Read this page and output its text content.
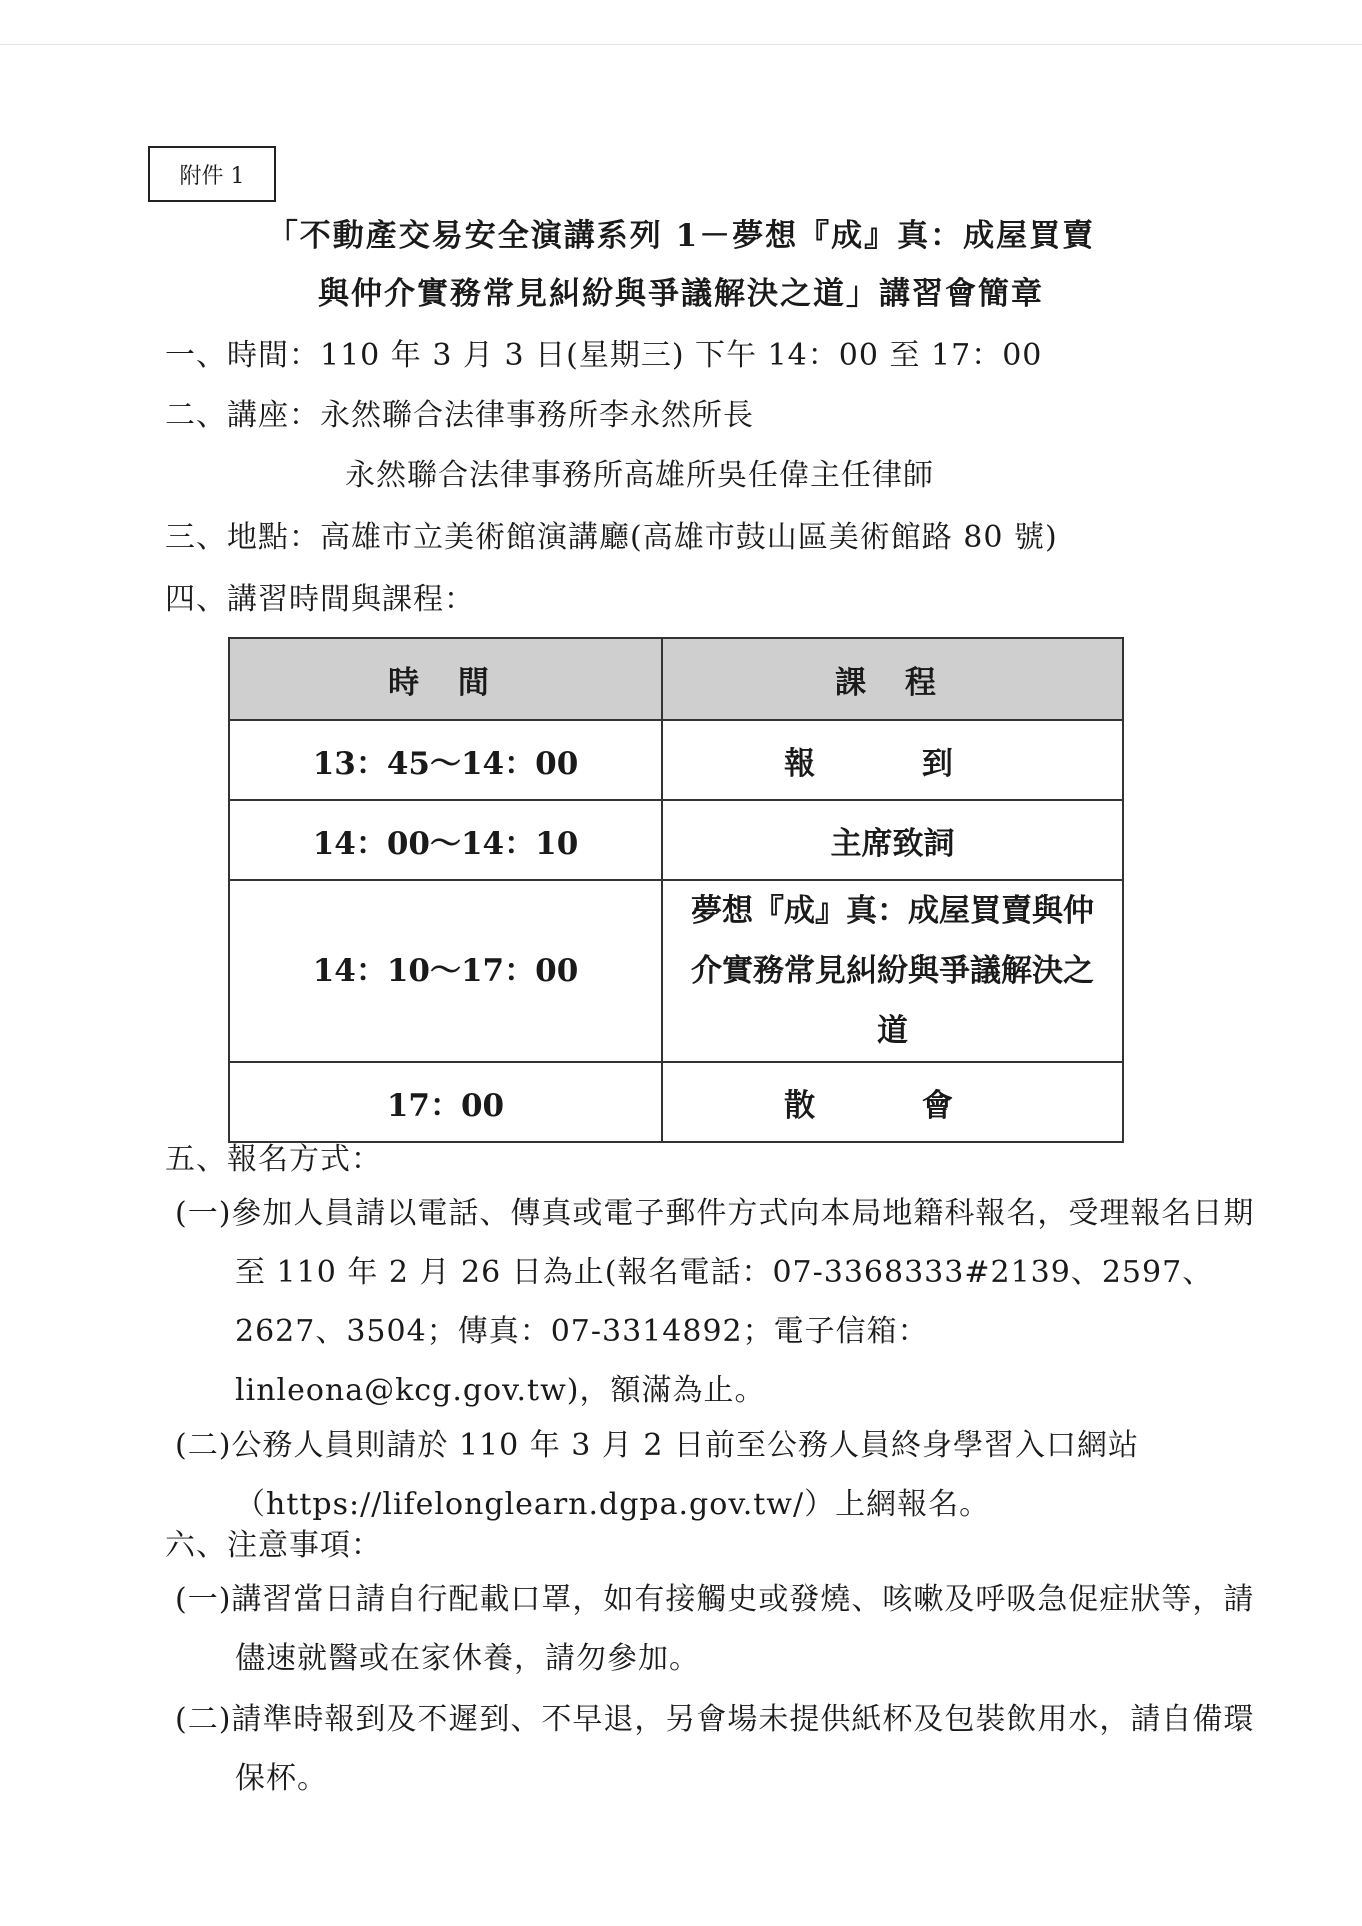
附件 1
「不動產交易安全演講系列 1－夢想『成』真：成屋買賣
與仲介實務常見糾紛與爭議解決之道」講習會簡章
一、時間：110 年 3 月 3 日(星期三) 下午 14：00 至 17：00
二、講座：永然聯合法律事務所李永然所長
永然聯合法律事務所高雄所吳任偉主任律師
三、地點：高雄市立美術館演講廳(高雄市鼓山區美術館路 80 號)
四、講習時間與課程：
時 間	課 程
13：45～14：00	報 到
14：00～14：10	主席致詞
14：10～17：00	夢想『成』真：成屋買賣與仲介實務常見糾紛與爭議解決之道
17：00	散 會
五、報名方式：
(一)參加人員請以電話、傳真或電子郵件方式向本局地籍科報名，受理報名日期至 110 年 2 月 26 日為止(報名電話：07-3368333#2139、2597、2627、3504；傳真：07-3314892；電子信箱：linleona@kcg.gov.tw)，額滿為止。
(二)公務人員則請於 110 年 3 月 2 日前至公務人員終身學習入口網站（https://lifelonglearn.dgpa.gov.tw/）上網報名。
六、注意事項：
(一)講習當日請自行配載口罩，如有接觸史或發燒、咳嗽及呼吸急促症狀等，請儘速就醫或在家休養，請勿參加。
(二)請準時報到及不遲到、不早退，另會場未提供紙杯及包裝飲用水，請自備環保杯。
